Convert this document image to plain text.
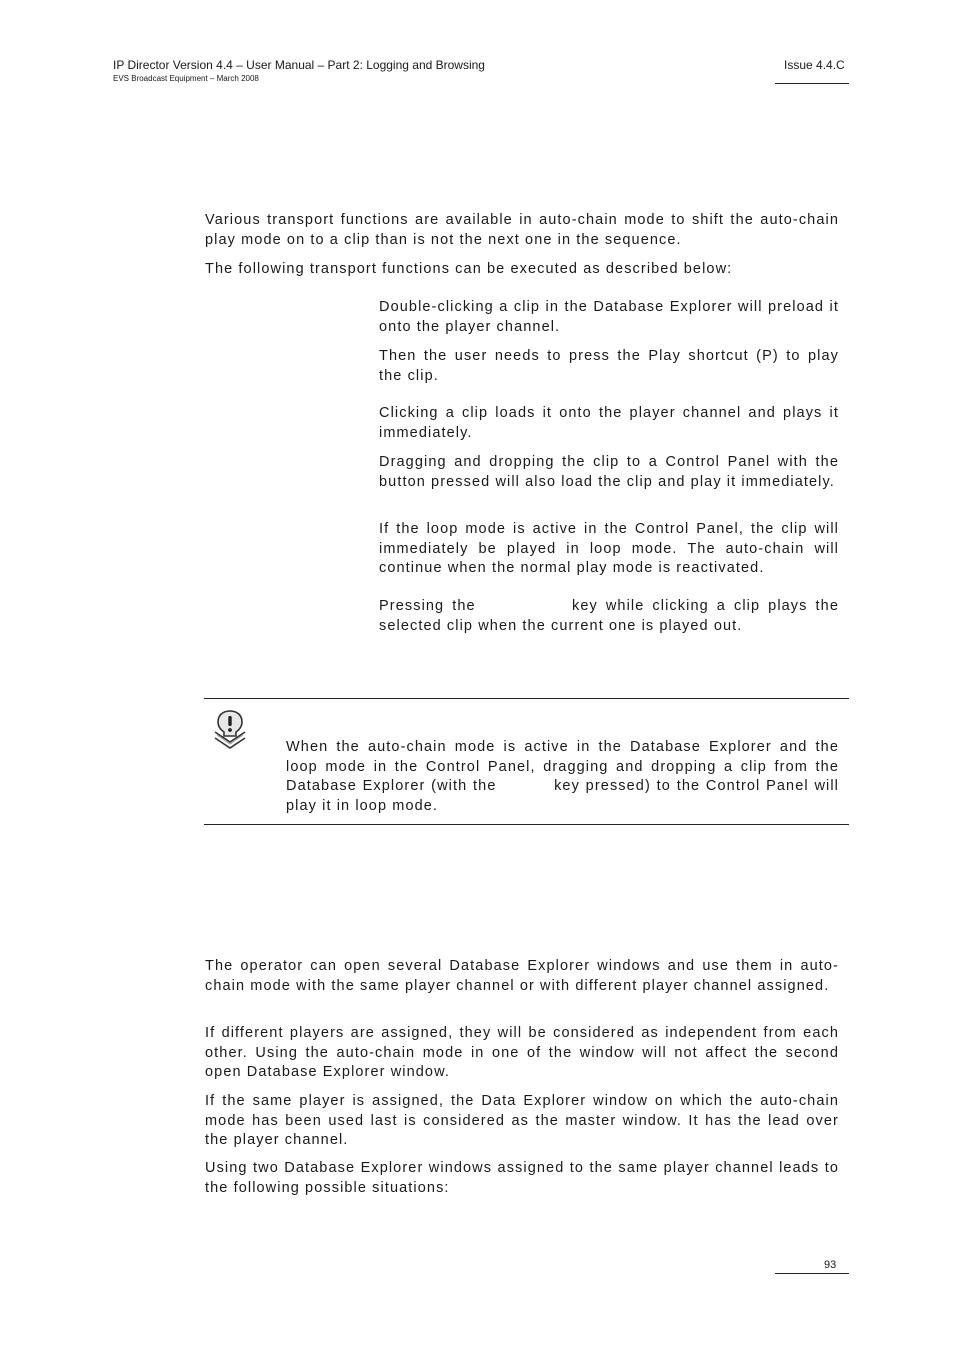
IP Director Version 4.4 – User Manual – Part 2: Logging and Browsing
EVS Broadcast Equipment – March 2008
Issue 4.4.C

Various transport functions are available in auto-chain mode to shift the auto-chain play mode on to a clip than is not the next one in the sequence.

The following transport functions can be executed as described below:

Double-clicking a clip in the Database Explorer will preload it onto the player channel.

Then the user needs to press the Play shortcut (P) to play the clip.

Clicking a clip loads it onto the player channel and plays it immediately.

Dragging and dropping the clip to a Control Panel with the         button pressed will also load the clip and play it immediately.

If the loop mode is active in the Control Panel, the clip will immediately be played in loop mode. The auto-chain will continue when the normal play mode is reactivated.

Pressing the            key while clicking a clip plays the selected clip when the current one is played out.

When the auto-chain mode is active in the Database Explorer and the loop mode in the Control Panel, dragging and dropping a clip from the Database Explorer (with the          key pressed) to the Control Panel will play it in loop mode.

The operator can open several Database Explorer windows and use them in auto-chain mode with the same player channel or with different player channel assigned.

If different players are assigned, they will be considered as independent from each other. Using the auto-chain mode in one of the window will not affect the second open Database Explorer window.

If the same player is assigned, the Data Explorer window on which the auto-chain mode has been used last is considered as the master window. It has the lead over the player channel.

Using two Database Explorer windows assigned to the same player channel leads to the following possible situations:

93
